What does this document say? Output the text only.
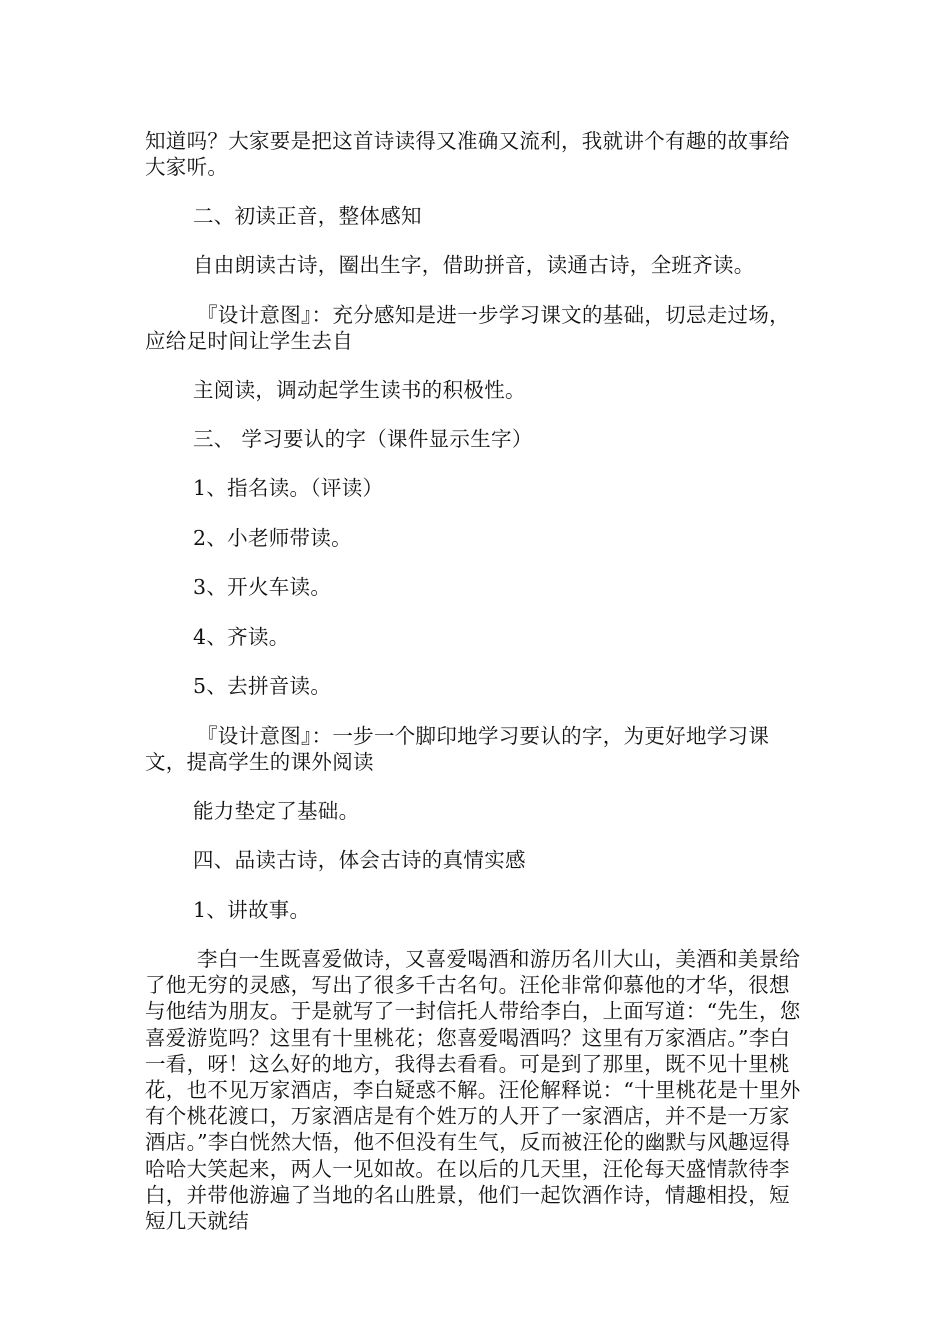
知道吗？大家要是把这首诗读得又准确又流利，我就讲个有趣的故事给大家听。

二、初读正音，整体感知

自由朗读古诗，圈出生字，借助拼音，读通古诗，全班齐读。

『设计意图』：充分感知是进一步学习课文的基础，切忌走过场，应给足时间让学生去自

主阅读，调动起学生读书的积极性。

三、 学习要认的字（课件显示生字）

1、指名读。（评读）

2、小老师带读。

3、开火车读。

4、齐读。

5、去拼音读。

『设计意图』：一步一个脚印地学习要认的字，为更好地学习课文，提高学生的课外阅读

能力垫定了基础。

四、品读古诗，体会古诗的真情实感

1、讲故事。

李白一生既喜爱做诗，又喜爱喝酒和游历名川大山，美酒和美景给了他无穷的灵感，写出了很多千古名句。汪伦非常仰慕他的才华，很想与他结为朋友。于是就写了一封信托人带给李白，上面写道：“先生，您喜爱游览吗？这里有十里桃花；您喜爱喝酒吗？这里有万家酒店。”李白一看，呀！这么好的地方，我得去看看。可是到了那里，既不见十里桃花，也不见万家酒店，李白疑惑不解。汪伦解释说：“十里桃花是十里外有个桃花渡口，万家酒店是有个姓万的人开了一家酒店，并不是一万家酒店。”李白恍然大悟，他不但没有生气，反而被汪伦的幽默与风趣逗得哈哈大笑起来，两人一见如故。在以后的几天里，汪伦每天盛情款待李白，并带他游遍了当地的名山胜景，他们一起饮酒作诗，情趣相投，短短几天就结
